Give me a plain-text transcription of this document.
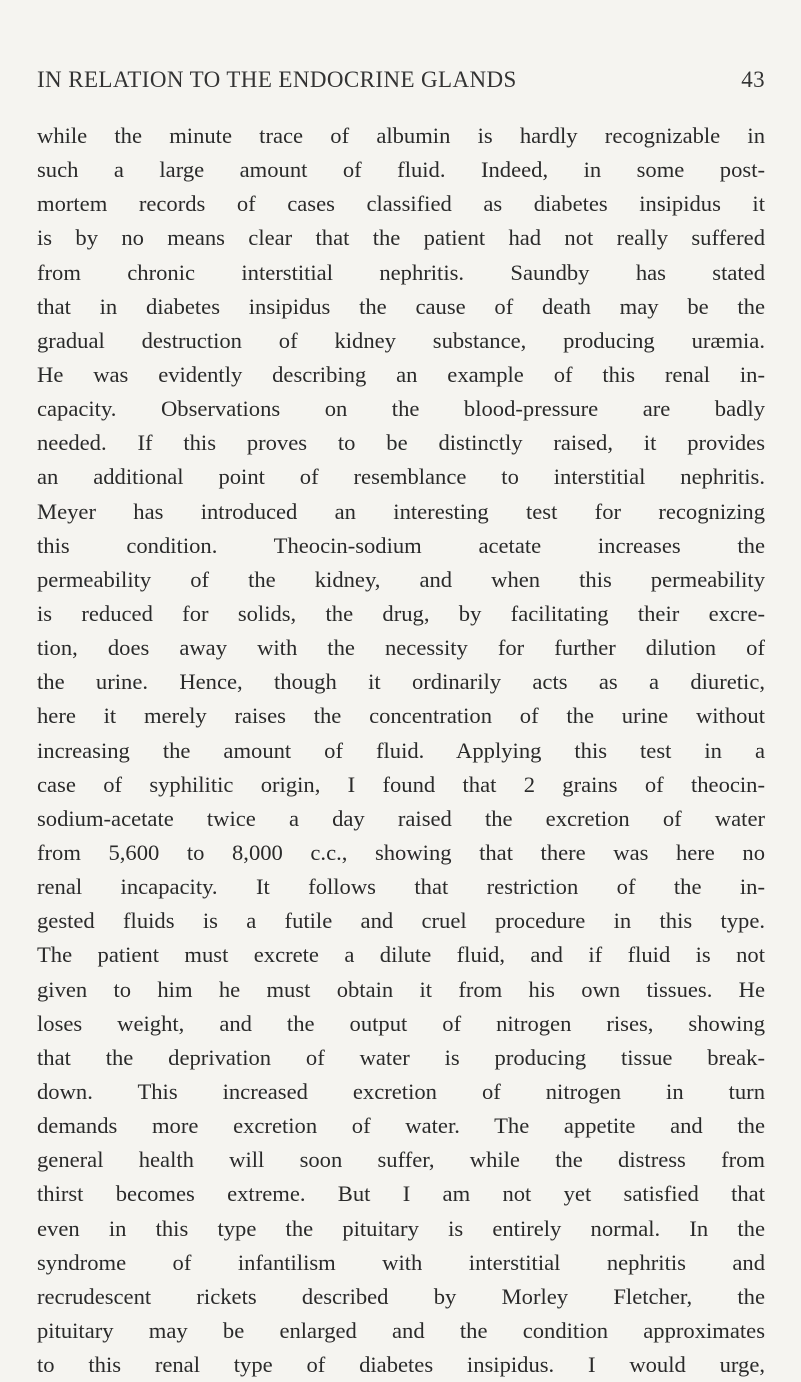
IN RELATION TO THE ENDOCRINE GLANDS	43
while the minute trace of albumin is hardly recognizable in
such a large amount of fluid. Indeed, in some post-
mortem records of cases classified as diabetes insipidus it
is by no means clear that the patient had not really suffered
from chronic interstitial nephritis. Saundby has stated
that in diabetes insipidus the cause of death may be the
gradual destruction of kidney substance, producing uræmia.
He was evidently describing an example of this renal in-
capacity. Observations on the blood-pressure are badly
needed. If this proves to be distinctly raised, it provides
an additional point of resemblance to interstitial nephritis.
Meyer has introduced an interesting test for recognizing
this condition. Theocin-sodium acetate increases the
permeability of the kidney, and when this permeability
is reduced for solids, the drug, by facilitating their excre-
tion, does away with the necessity for further dilution of
the urine. Hence, though it ordinarily acts as a diuretic,
here it merely raises the concentration of the urine without
increasing the amount of fluid. Applying this test in a
case of syphilitic origin, I found that 2 grains of theocin-
sodium-acetate twice a day raised the excretion of water
from 5,600 to 8,000 c.c., showing that there was here no
renal incapacity. It follows that restriction of the in-
gested fluids is a futile and cruel procedure in this type.
The patient must excrete a dilute fluid, and if fluid is not
given to him he must obtain it from his own tissues. He
loses weight, and the output of nitrogen rises, showing
that the deprivation of water is producing tissue break-
down. This increased excretion of nitrogen in turn
demands more excretion of water. The appetite and the
general health will soon suffer, while the distress from
thirst becomes extreme. But I am not yet satisfied that
even in this type the pituitary is entirely normal. In the
syndrome of infantilism with interstitial nephritis and
recrudescent rickets described by Morley Fletcher, the
pituitary may be enlarged and the condition approximates
to this renal type of diabetes insipidus. I would urge,
